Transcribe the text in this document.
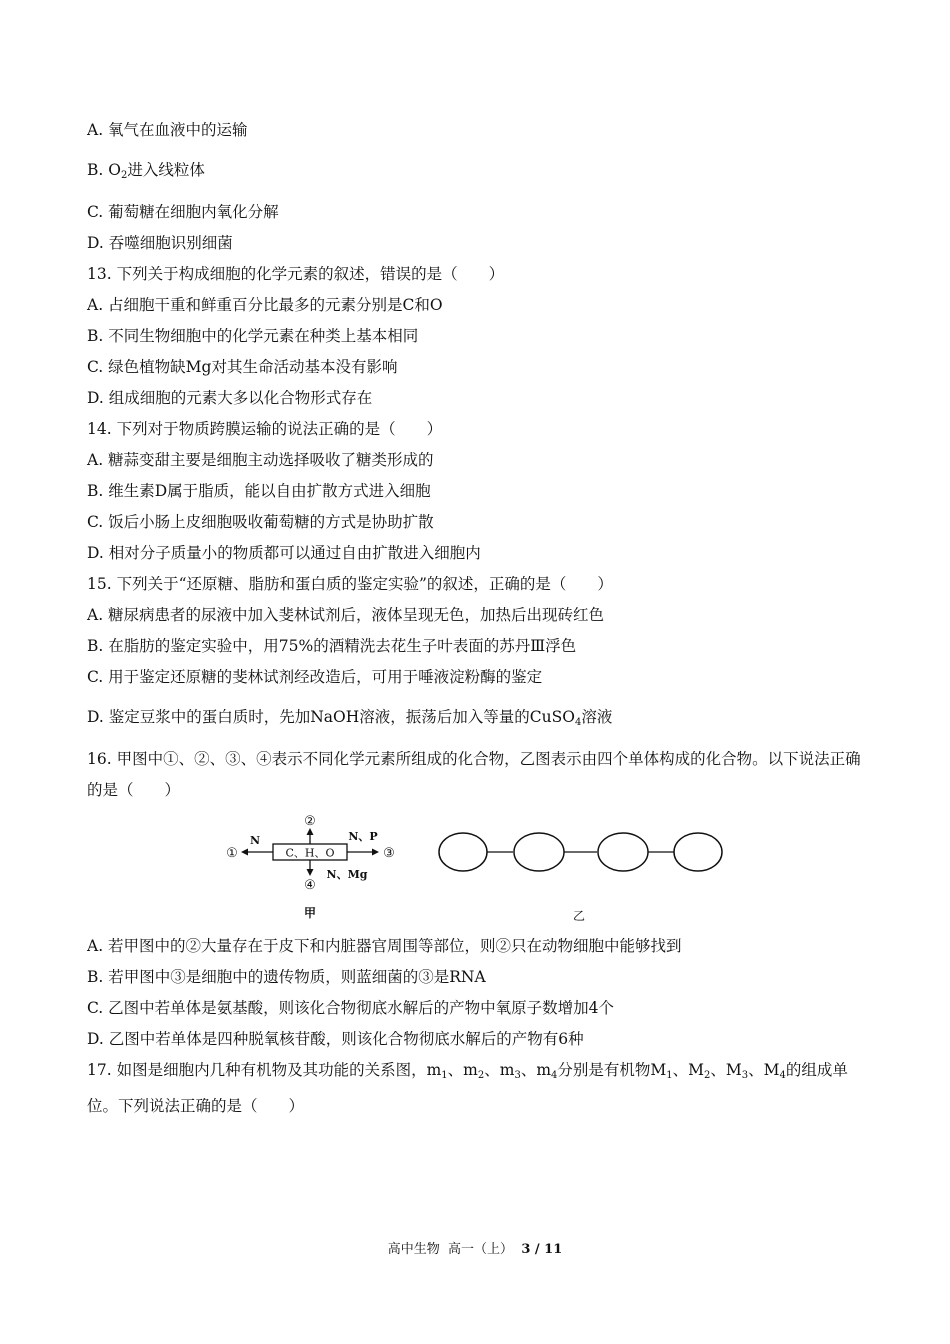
A. 氧气在血液中的运输
B. $O_2$进入线粒体
C. 葡萄糖在细胞内氧化分解
D. 吞噬细胞识别细菌
13. 下列关于构成细胞的化学元素的叙述，错误的是（　　）
A. 占细胞干重和鲜重百分比最多的元素分别是C和O
B. 不同生物细胞中的化学元素在种类上基本相同
C. 绿色植物缺Mg对其生命活动基本没有影响
D. 组成细胞的元素大多以化合物形式存在
14. 下列对于物质跨膜运输的说法正确的是（　　）
A. 糖蒜变甜主要是细胞主动选择吸收了糖类形成的
B. 维生素D属于脂质，能以自由扩散方式进入细胞
C. 饭后小肠上皮细胞吸收葡萄糖的方式是协助扩散
D. 相对分子质量小的物质都可以通过自由扩散进入细胞内
15. 下列关于“还原糖、脂肪和蛋白质的鉴定实验”的叙述，正确的是（　　）
A. 糖尿病患者的尿液中加入斐林试剂后，液体呈现无色，加热后出现砖红色
B. 在脂肪的鉴定实验中，用75%的酒精洗去花生子叶表面的苏丹Ⅲ浮色
C. 用于鉴定还原糖的斐林试剂经改造后，可用于唾液淀粉酶的鉴定
D. 鉴定豆浆中的蛋白质时，先加NaOH溶液，振荡后加入等量的CuSO$_4$溶液
16. 甲图中①、②、③、④表示不同化学元素所组成的化合物，乙图表示由四个单体构成的化合物。以下说法正确的是（　　）
C、H、O
①
N
②
③
N、P
④
N、Mg
甲	乙
A. 若甲图中的②大量存在于皮下和内脏器官周围等部位，则②只在动物细胞中能够找到
B. 若甲图中③是细胞中的遗传物质，则蓝细菌的③是RNA
C. 乙图中若单体是氨基酸，则该化合物彻底水解后的产物中氧原子数增加4个
D. 乙图中若单体是四种脱氧核苷酸，则该化合物彻底水解后的产物有6种
17. 如图是细胞内几种有机物及其功能的关系图，$m_1$、$m_2$、$m_3$、$m_4$分别是有机物$M_1$、$M_2$、$M_3$、$M_4$的组成单位。下列说法正确的是（　　）
高中生物 高一（上） 3 / 11
